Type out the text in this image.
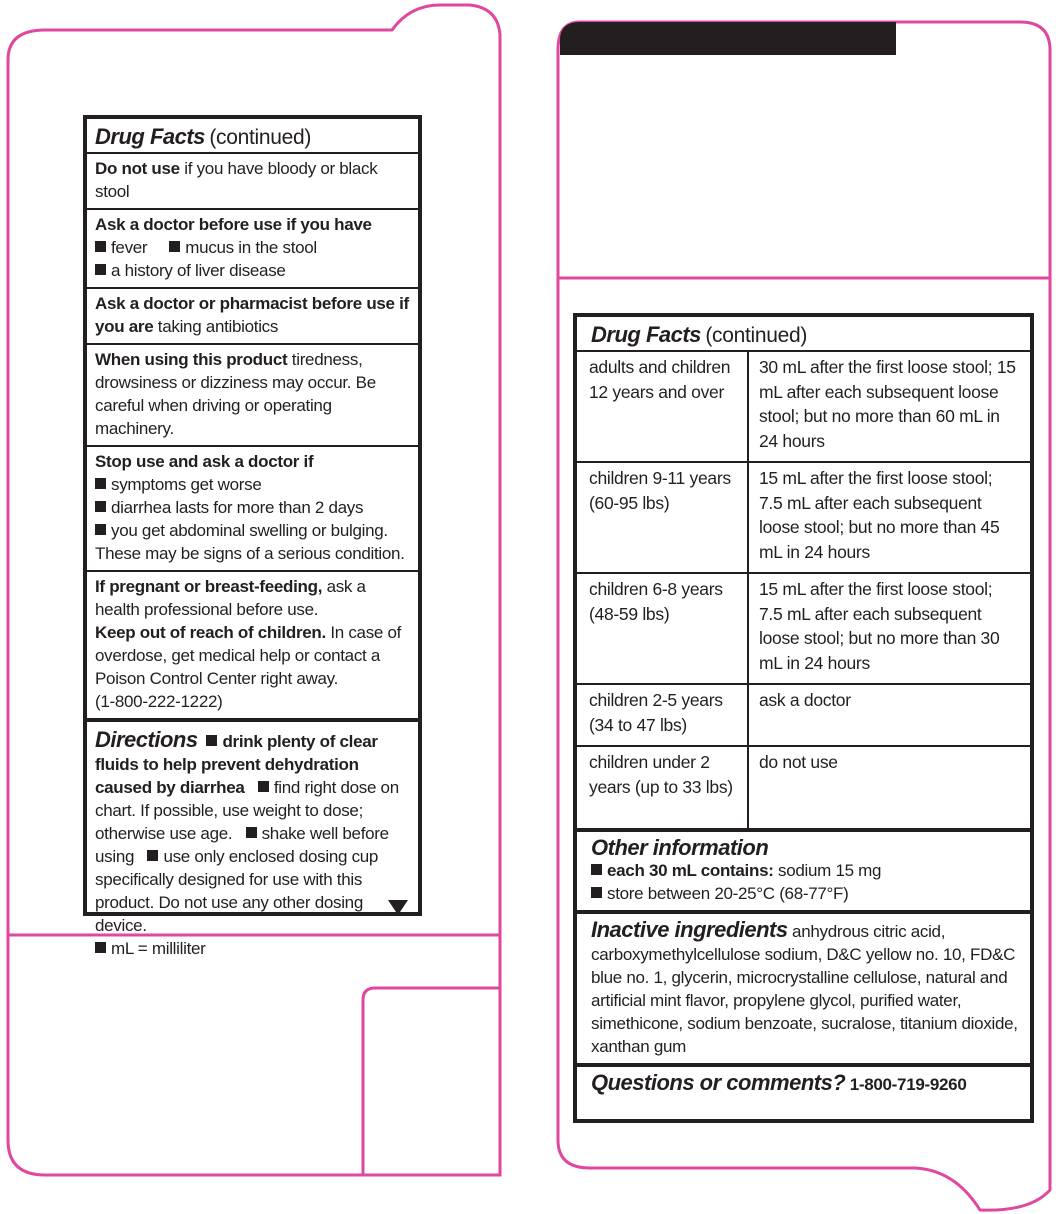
Drug Facts (continued)
Do not use if you have bloody or black stool
Ask a doctor before use if you have
fever mucus in the stool
a history of liver disease
Ask a doctor or pharmacist before use if you are taking antibiotics
When using this product tiredness, drowsiness or dizziness may occur. Be careful when driving or operating machinery.
Stop use and ask a doctor if
symptoms get worse
diarrhea lasts for more than 2 days
you get abdominal swelling or bulging.
These may be signs of a serious condition.
If pregnant or breast-feeding, ask a health professional before use.
Keep out of reach of children. In case of overdose, get medical help or contact a Poison Control Center right away.
(1-800-222-1222)
Directions drink plenty of clear fluids to help prevent dehydration caused by diarrhea find right dose on chart. If possible, use weight to dose; otherwise use age. shake well before using use only enclosed dosing cup specifically designed for use with this product. Do not use any other dosing device.
mL = milliliter
Drug Facts (continued)
adults and children 12 years and over	30 mL after the first loose stool; 15 mL after each subsequent loose stool; but no more than 60 mL in 24 hours
children 9-11 years (60-95 lbs)	15 mL after the first loose stool; 7.5 mL after each subsequent loose stool; but no more than 45 mL in 24 hours
children 6-8 years (48-59 lbs)	15 mL after the first loose stool; 7.5 mL after each subsequent loose stool; but no more than 30 mL in 24 hours
children 2-5 years (34 to 47 lbs)	ask a doctor
children under 2 years (up to 33 lbs)	do not use
Other information
each 30 mL contains: sodium 15 mg
store between 20-25°C (68-77°F)
Inactive ingredients anhydrous citric acid, carboxymethylcellulose sodium, D&C yellow no. 10, FD&C blue no. 1, glycerin, microcrystalline cellulose, natural and artificial mint flavor, propylene glycol, purified water, simethicone, sodium benzoate, sucralose, titanium dioxide, xanthan gum
Questions or comments? 1-800-719-9260
